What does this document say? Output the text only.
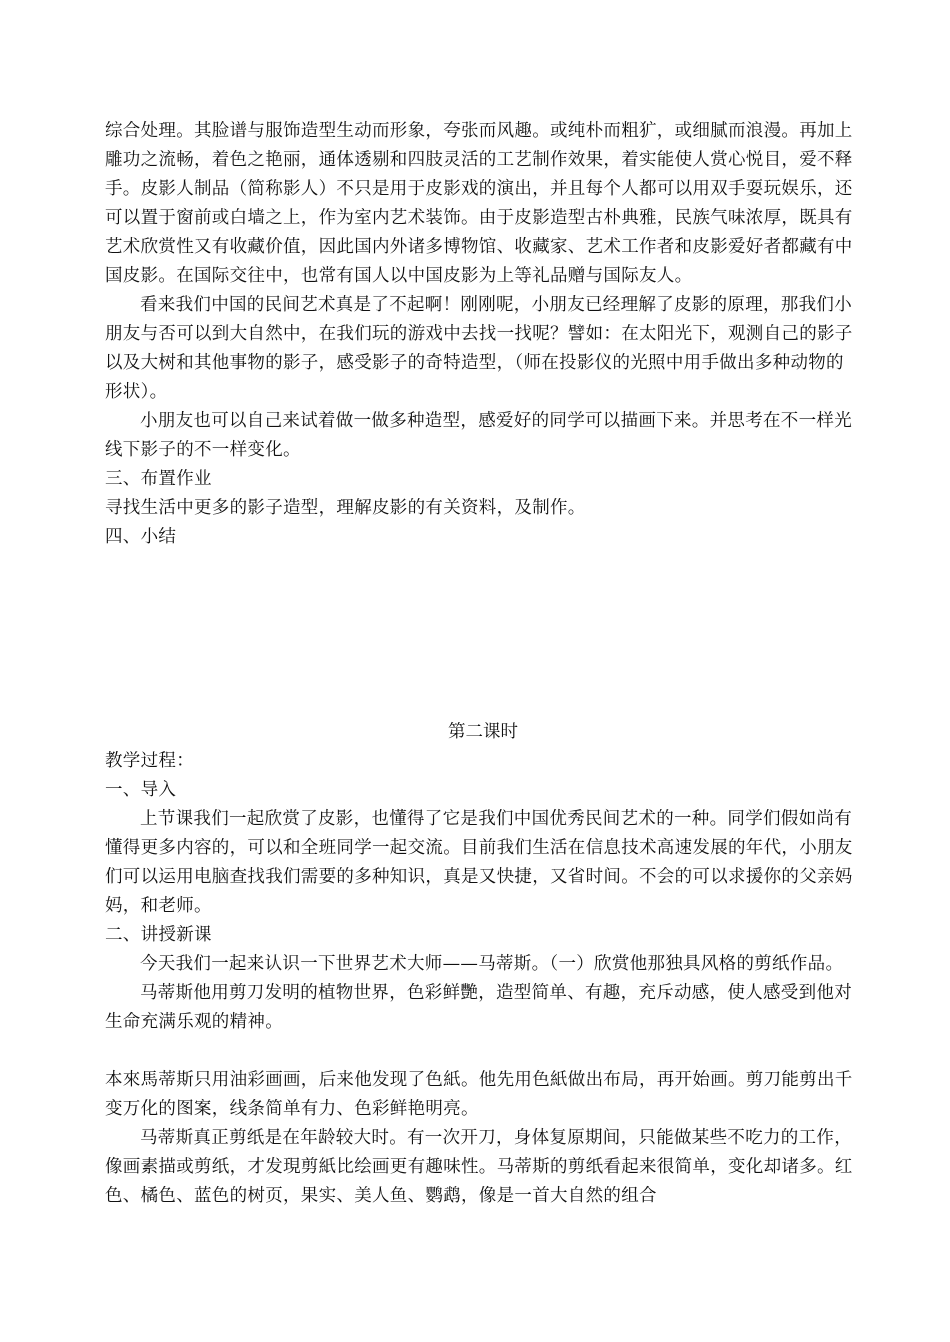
综合处理。其脸谱与服饰造型生动而形象，夸张而风趣。或纯朴而粗犷，或细腻而浪漫。再加上雕功之流畅，着色之艳丽，通体透剔和四肢灵活的工艺制作效果，着实能使人赏心悦目，爱不释手。皮影人制品（简称影人）不只是用于皮影戏的演出，并且每个人都可以用双手耍玩娱乐，还可以置于窗前或白墙之上，作为室内艺术装饰。由于皮影造型古朴典雅，民族气味浓厚，既具有艺术欣赏性又有收藏价值，因此国内外诸多博物馆、收藏家、艺术工作者和皮影爱好者都藏有中国皮影。在国际交往中，也常有国人以中国皮影为上等礼品赠与国际友人。

看来我们中国的民间艺术真是了不起啊！刚刚呢，小朋友已经理解了皮影的原理，那我们小朋友与否可以到大自然中，在我们玩的游戏中去找一找呢？譬如：在太阳光下，观测自己的影子以及大树和其他事物的影子，感受影子的奇特造型，（师在投影仪的光照中用手做出多种动物的形状）。

小朋友也可以自己来试着做一做多种造型，感爱好的同学可以描画下来。并思考在不一样光线下影子的不一样变化。

三、布置作业

寻找生活中更多的影子造型，理解皮影的有关资料，及制作。

四、小结

第二课时

教学过程：

一、导入

上节课我们一起欣赏了皮影，也懂得了它是我们中国优秀民间艺术的一种。同学们假如尚有懂得更多内容的，可以和全班同学一起交流。目前我们生活在信息技术高速发展的年代，小朋友们可以运用电脑查找我们需要的多种知识，真是又快捷，又省时间。不会的可以求援你的父亲妈妈，和老师。

二、讲授新课

今天我们一起来认识一下世界艺术大师——马蒂斯。（一）欣赏他那独具风格的剪纸作品。

马蒂斯他用剪刀发明的植物世界，色彩鲜艷，造型简单、有趣，充斥动感，使人感受到他对生命充满乐观的精神。

本來馬蒂斯只用油彩画画，后来他发现了色紙。他先用色紙做出布局，再开始画。剪刀能剪出千变万化的图案，线条简单有力、色彩鲜艳明亮。

马蒂斯真正剪纸是在年龄较大时。有一次开刀，身体复原期间，只能做某些不吃力的工作，像画素描或剪纸，才发現剪紙比绘画更有趣味性。马蒂斯的剪纸看起来很简单，变化却诸多。红色、橘色、蓝色的树页，果实、美人鱼、鹦鹉，像是一首大自然的组合
